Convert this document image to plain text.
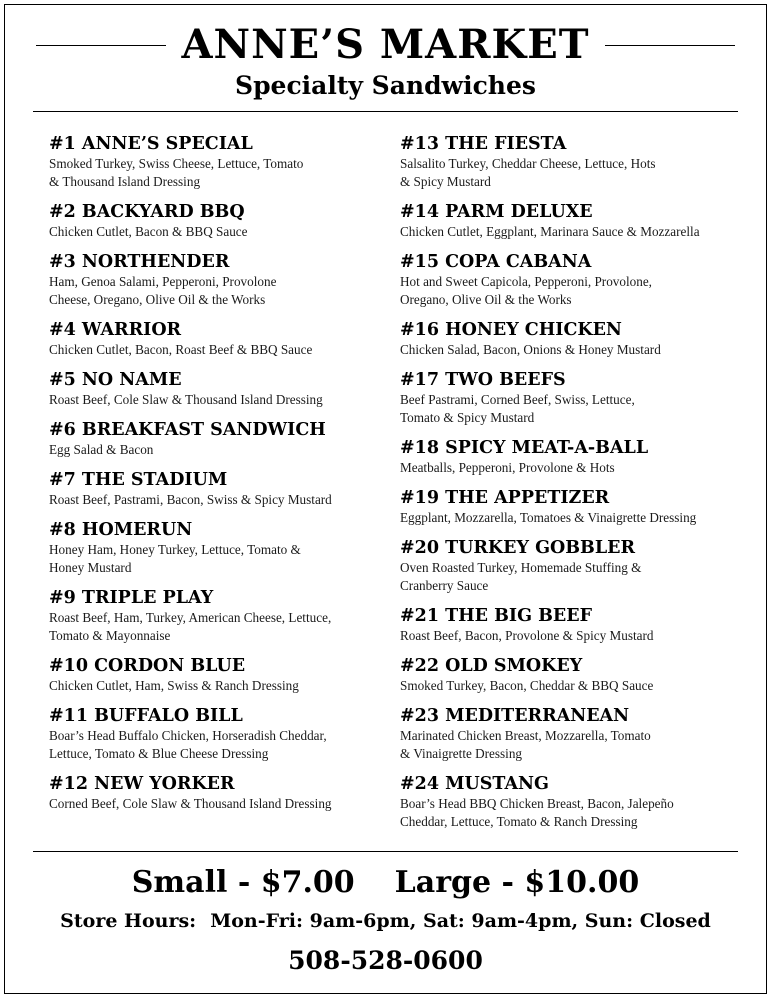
ANNE’S MARKET
Specialty Sandwiches
#1 ANNE’S SPECIAL
Smoked Turkey, Swiss Cheese, Lettuce, Tomato
& Thousand Island Dressing
#2 BACKYARD BBQ
Chicken Cutlet, Bacon & BBQ Sauce
#3 NORTHENDER
Ham, Genoa Salami, Pepperoni, Provolone
Cheese, Oregano, Olive Oil & the Works
#4 WARRIOR
Chicken Cutlet, Bacon, Roast Beef & BBQ Sauce
#5 NO NAME
Roast Beef, Cole Slaw & Thousand Island Dressing
#6 BREAKFAST SANDWICH
Egg Salad & Bacon
#7 THE STADIUM
Roast Beef, Pastrami, Bacon, Swiss & Spicy Mustard
#8 HOMERUN
Honey Ham, Honey Turkey, Lettuce, Tomato &
Honey Mustard
#9 TRIPLE PLAY
Roast Beef, Ham, Turkey, American Cheese, Lettuce,
Tomato & Mayonnaise
#10 CORDON BLUE
Chicken Cutlet, Ham, Swiss & Ranch Dressing
#11 BUFFALO BILL
Boar’s Head Buffalo Chicken, Horseradish Cheddar,
Lettuce, Tomato & Blue Cheese Dressing
#12 NEW YORKER
Corned Beef, Cole Slaw & Thousand Island Dressing
#13 THE FIESTA
Salsalito Turkey, Cheddar Cheese, Lettuce, Hots
& Spicy Mustard
#14 PARM DELUXE
Chicken Cutlet, Eggplant, Marinara Sauce & Mozzarella
#15 COPA CABANA
Hot and Sweet Capicola, Pepperoni, Provolone,
Oregano, Olive Oil & the Works
#16 HONEY CHICKEN
Chicken Salad, Bacon, Onions & Honey Mustard
#17 TWO BEEFS
Beef Pastrami, Corned Beef, Swiss, Lettuce,
Tomato & Spicy Mustard
#18 SPICY MEAT-A-BALL
Meatballs, Pepperoni, Provolone & Hots
#19 THE APPETIZER
Eggplant, Mozzarella, Tomatoes & Vinaigrette Dressing
#20 TURKEY GOBBLER
Oven Roasted Turkey, Homemade Stuffing &
Cranberry Sauce
#21 THE BIG BEEF
Roast Beef, Bacon, Provolone & Spicy Mustard
#22 OLD SMOKEY
Smoked Turkey, Bacon, Cheddar & BBQ Sauce
#23 MEDITERRANEAN
Marinated Chicken Breast, Mozzarella, Tomato
& Vinaigrette Dressing
#24 MUSTANG
Boar’s Head BBQ Chicken Breast, Bacon, Jalepeño
Cheddar, Lettuce, Tomato & Ranch Dressing
Small - $7.00 Large - $10.00
Store Hours: Mon-Fri: 9am-6pm, Sat: 9am-4pm, Sun: Closed
508-528-0600
